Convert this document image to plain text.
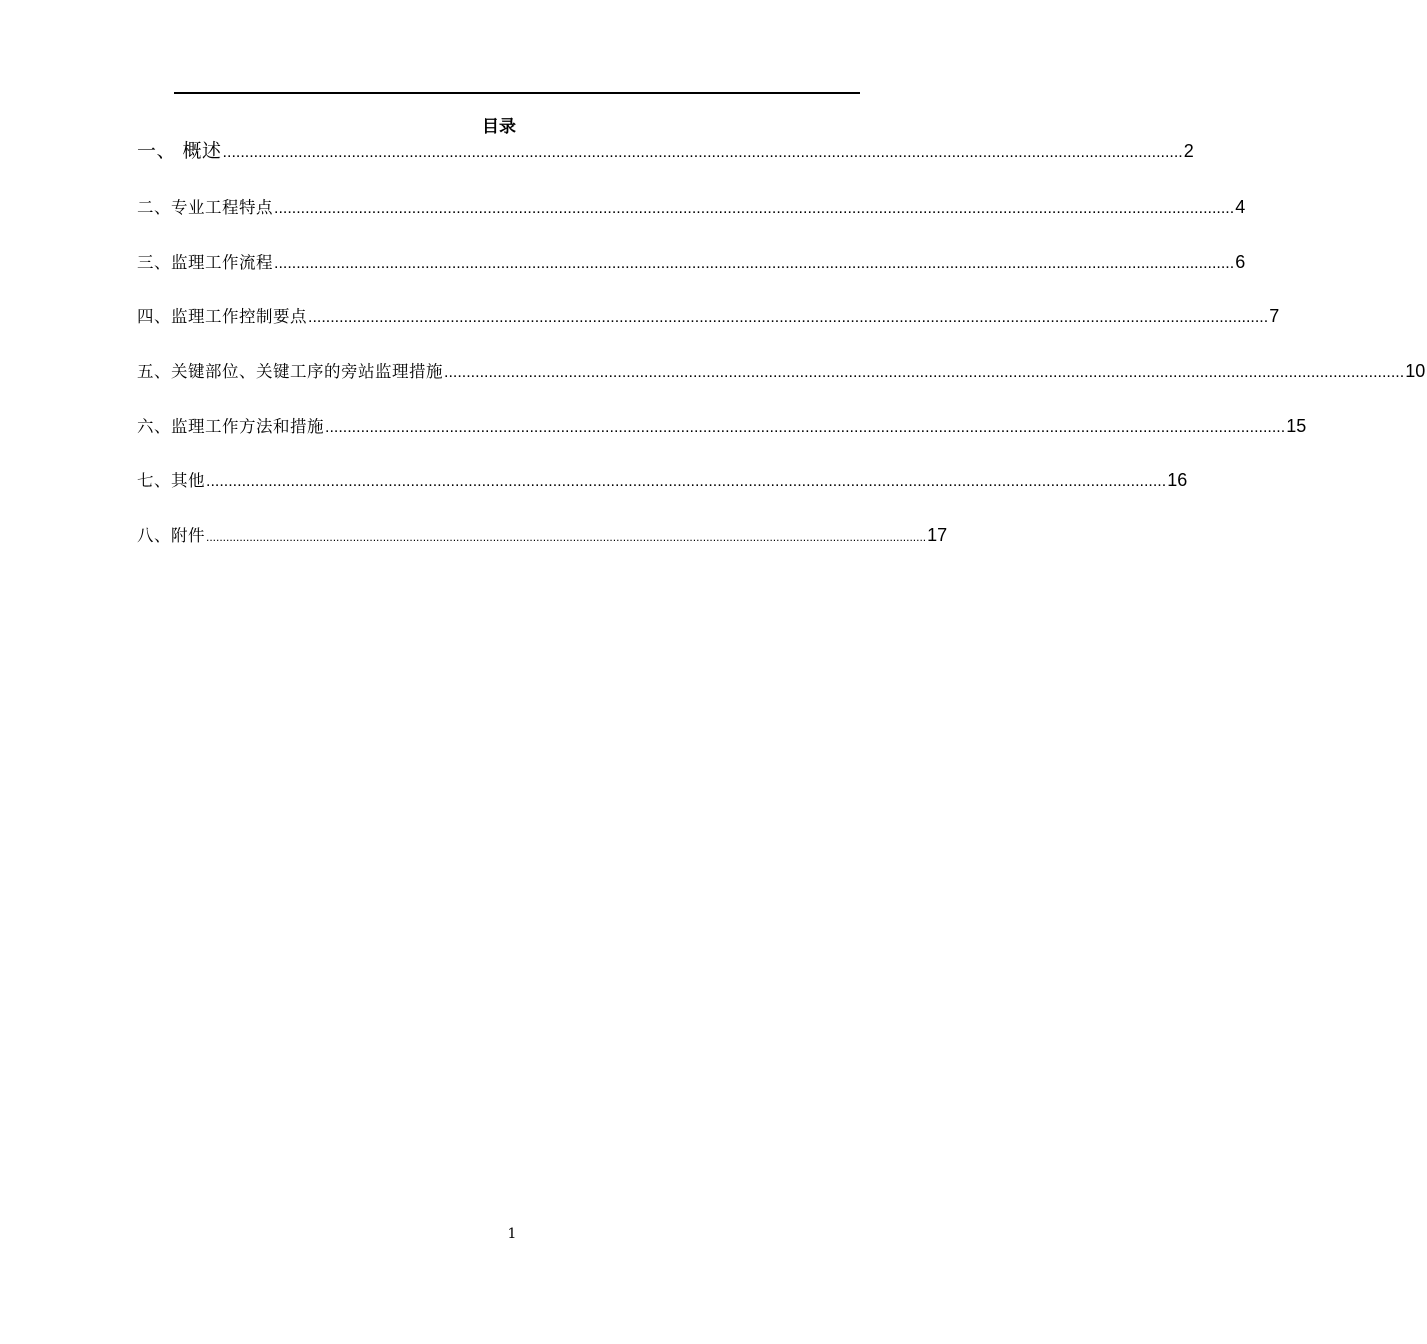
目录
一、 概述 ........................................................................................................................................................................................................................ 2
二、专业工程特点 ........................................................................................................................................................................................................................ 4
三、监理工作流程 ........................................................................................................................................................................................................................ 6
四、监理工作控制要点 ........................................................................................................................................................................................................................ 7
五、关键部位、关键工序的旁站监理措施 ........................................................................................................................................................................................................................ 10
六、监理工作方法和措施 ........................................................................................................................................................................................................................ 15
七、其他 ........................................................................................................................................................................................................................ 16
八、附件 ........................................................................................................................................................................................................................ 17
1
